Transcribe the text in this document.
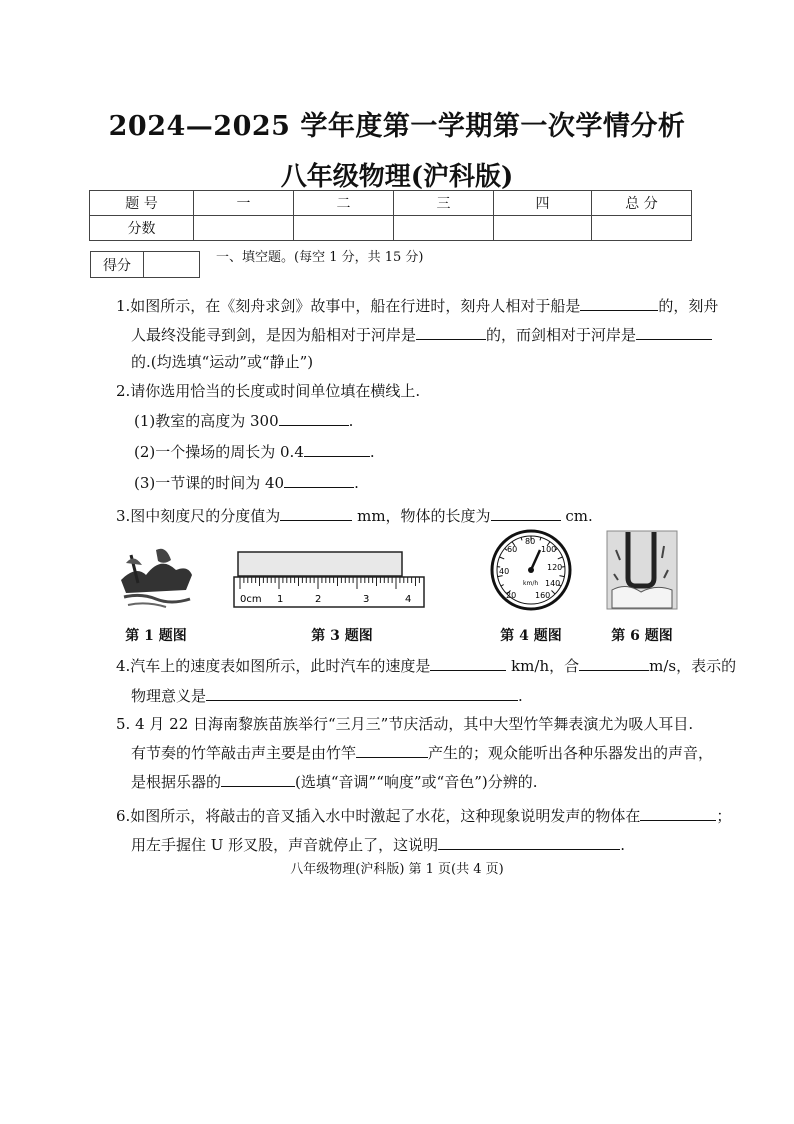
2024—2025 学年度第一学期第一次学情分析
八年级物理(沪科版)
题 号	一	二	三	四	总 分
分数					
得分	一、填空题。(每空 1 分，共 15 分)
1.如图所示，在《刻舟求剑》故事中，船在行进时，刻舟人相对于船是	的，刻舟
人最终没能寻到剑，是因为船相对于河岸是	的，而剑相对于河岸是
的.(均选填“运动”或“静止”)
2.请你选用恰当的长度或时间单位填在横线上.
(1)教室的高度为 300	.
(2)一个操场的周长为 0.4	.
(3)一节课的时间为 40	.
3.图中刻度尺的分度值为	mm，物体的长度为	cm.
第 1 题图
0cm 1	2	3	4
第 3 题图
20
40
60
80
100
120
140
160
km/h
第 4 题图	第 6 题图
4.汽车上的速度表如图所示，此时汽车的速度是	km/h，合	m/s，表示的
物理意义是	.
5. 4 月 22 日海南黎族苗族举行“三月三”节庆活动，其中大型竹竿舞表演尤为吸人耳目.
有节奏的竹竿敲击声主要是由竹竿	产生的；观众能听出各种乐器发出的声音，
是根据乐器的	(选填“音调”“响度”或“音色”)分辨的.
6.如图所示，将敲击的音叉插入水中时激起了水花，这种现象说明发声的物体在	；
用左手握住 U 形叉股，声音就停止了，这说明	.
八年级物理(沪科版) 第 1 页(共 4 页)
